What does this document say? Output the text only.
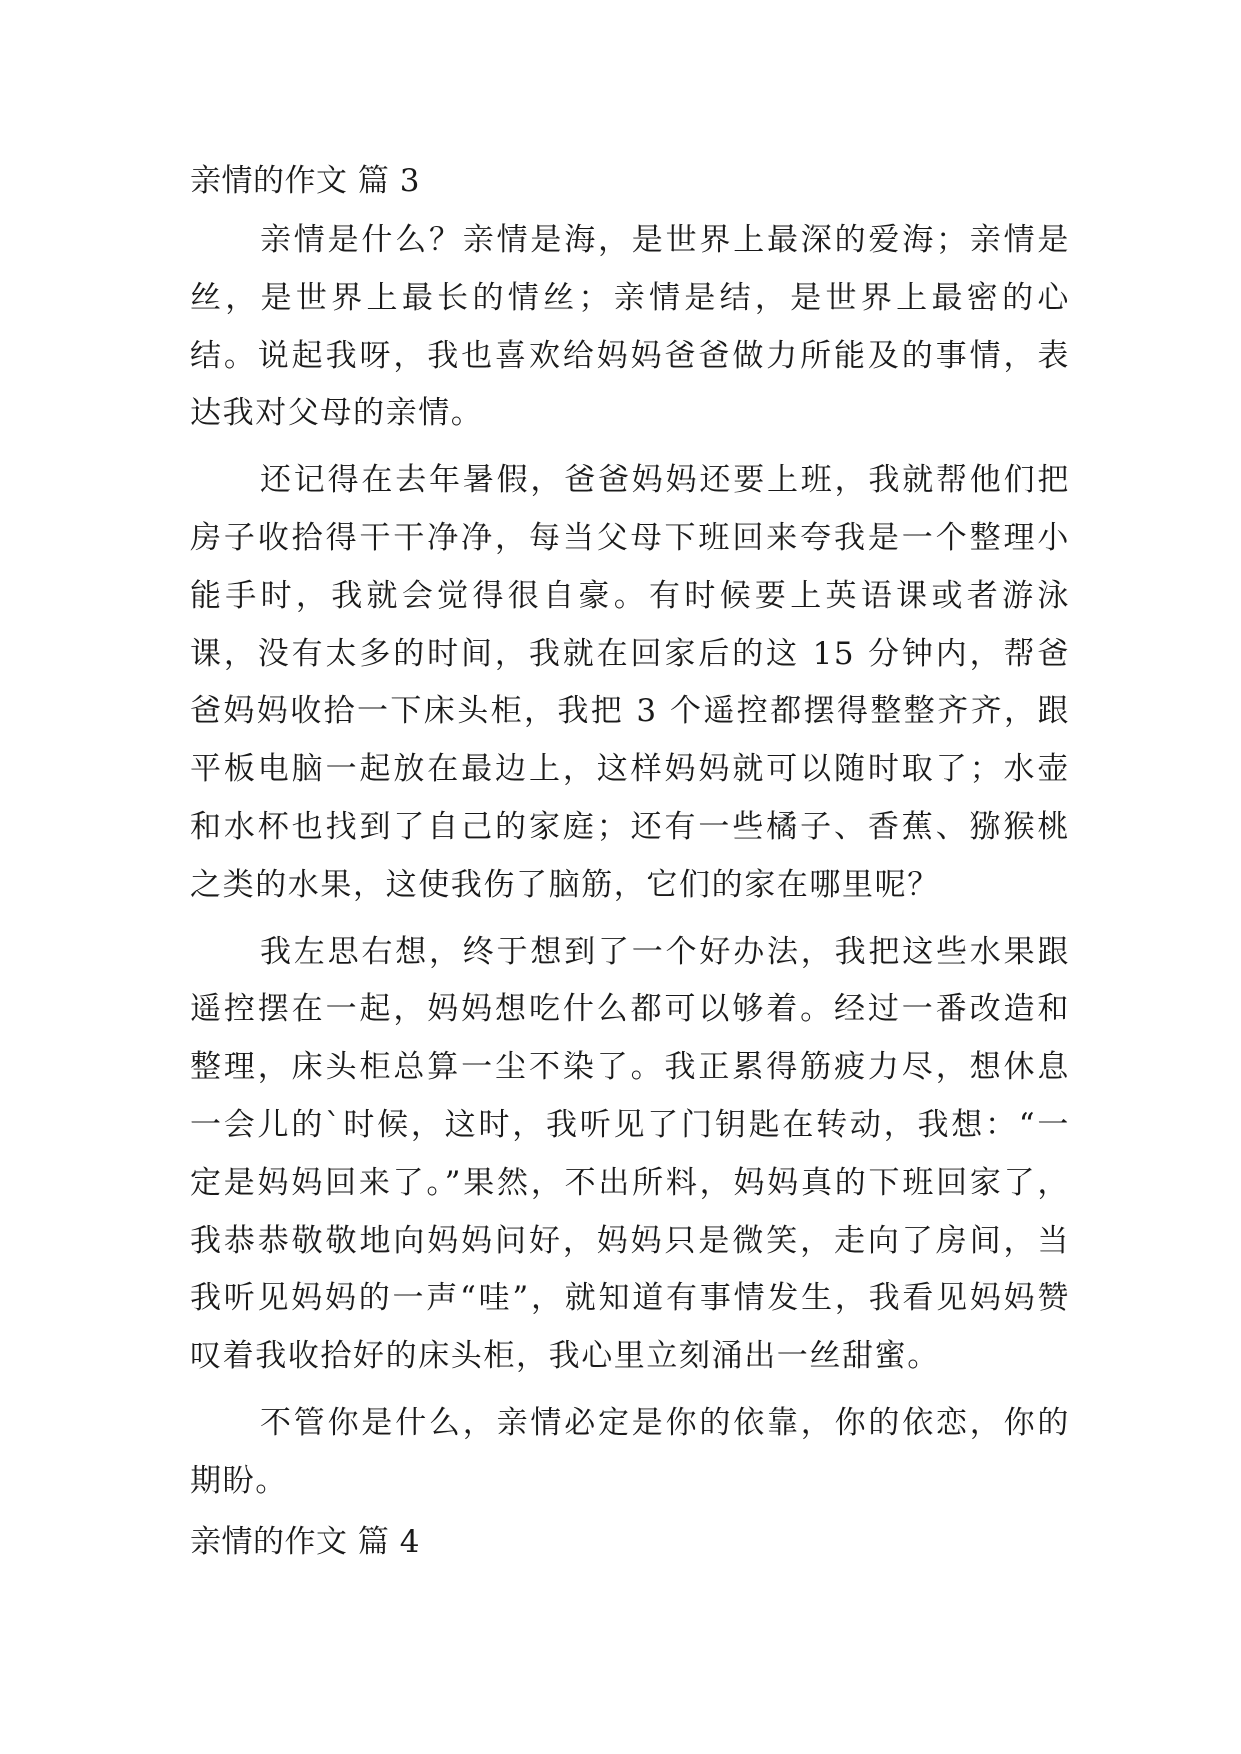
亲情的作文 篇 3

亲情是什么？亲情是海，是世界上最深的爱海；亲情是丝，是世界上最长的情丝；亲情是结，是世界上最密的心结。说起我呀，我也喜欢给妈妈爸爸做力所能及的事情，表达我对父母的亲情。

还记得在去年暑假，爸爸妈妈还要上班，我就帮他们把房子收拾得干干净净，每当父母下班回来夸我是一个整理小能手时，我就会觉得很自豪。有时候要上英语课或者游泳课，没有太多的时间，我就在回家后的这 15 分钟内，帮爸爸妈妈收拾一下床头柜，我把 3 个遥控都摆得整整齐齐，跟平板电脑一起放在最边上，这样妈妈就可以随时取了；水壶和水杯也找到了自己的家庭；还有一些橘子、香蕉、猕猴桃之类的水果，这使我伤了脑筋，它们的家在哪里呢？

我左思右想，终于想到了一个好办法，我把这些水果跟遥控摆在一起，妈妈想吃什么都可以够着。经过一番改造和整理，床头柜总算一尘不染了。我正累得筋疲力尽，想休息一会儿的`时候，这时，我听见了门钥匙在转动，我想：“一定是妈妈回来了。”果然，不出所料，妈妈真的下班回家了，我恭恭敬敬地向妈妈问好，妈妈只是微笑，走向了房间，当我听见妈妈的一声“哇”，就知道有事情发生，我看见妈妈赞叹着我收拾好的床头柜，我心里立刻涌出一丝甜蜜。

不管你是什么，亲情必定是你的依靠，你的依恋，你的期盼。

亲情的作文 篇 4
